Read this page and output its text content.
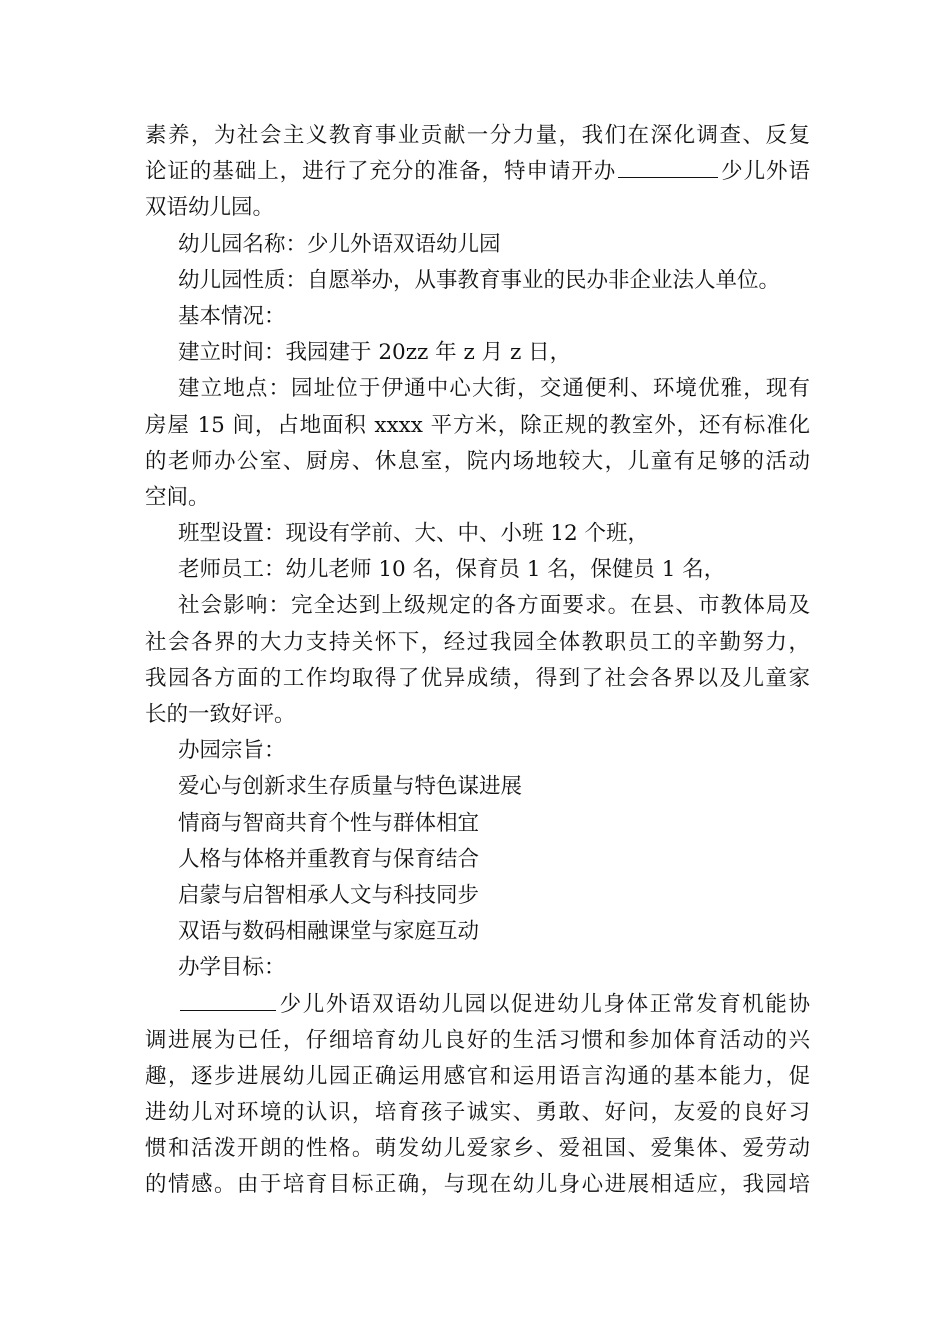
素养，为社会主义教育事业贡献一分力量，我们在深化调查、反复
论证的基础上，进行了充分的准备，特申请开办	少儿外语
双语幼儿园。
幼儿园名称：少儿外语双语幼儿园
幼儿园性质：自愿举办，从事教育事业的民办非企业法人单位。
基本情况：
建立时间：我园建于 20zz 年 z 月 z 日，
建立地点：园址位于伊通中心大街，交通便利、环境优雅，现有
房屋 15 间，占地面积 xxxx 平方米，除正规的教室外，还有标准化
的老师办公室、厨房、休息室，院内场地较大，儿童有足够的活动
空间。
班型设置：现设有学前、大、中、小班 12 个班，
老师员工：幼儿老师 10 名，保育员 1 名，保健员 1 名，
社会影响：完全达到上级规定的各方面要求。在县、市教体局及
社会各界的大力支持关怀下，经过我园全体教职员工的辛勤努力，
我园各方面的工作均取得了优异成绩，得到了社会各界以及儿童家
长的一致好评。
办园宗旨：
爱心与创新求生存质量与特色谋进展
情商与智商共育个性与群体相宜
人格与体格并重教育与保育结合
启蒙与启智相承人文与科技同步
双语与数码相融课堂与家庭互动
办学目标：
少儿外语双语幼儿园以促进幼儿身体正常发育机能协
调进展为已任，仔细培育幼儿良好的生活习惯和参加体育活动的兴
趣，逐步进展幼儿园正确运用感官和运用语言沟通的基本能力，促
进幼儿对环境的认识，培育孩子诚实、勇敢、好问，友爱的良好习
惯和活泼开朗的性格。萌发幼儿爱家乡、爱祖国、爱集体、爱劳动
的情感。由于培育目标正确，与现在幼儿身心进展相适应，我园培
